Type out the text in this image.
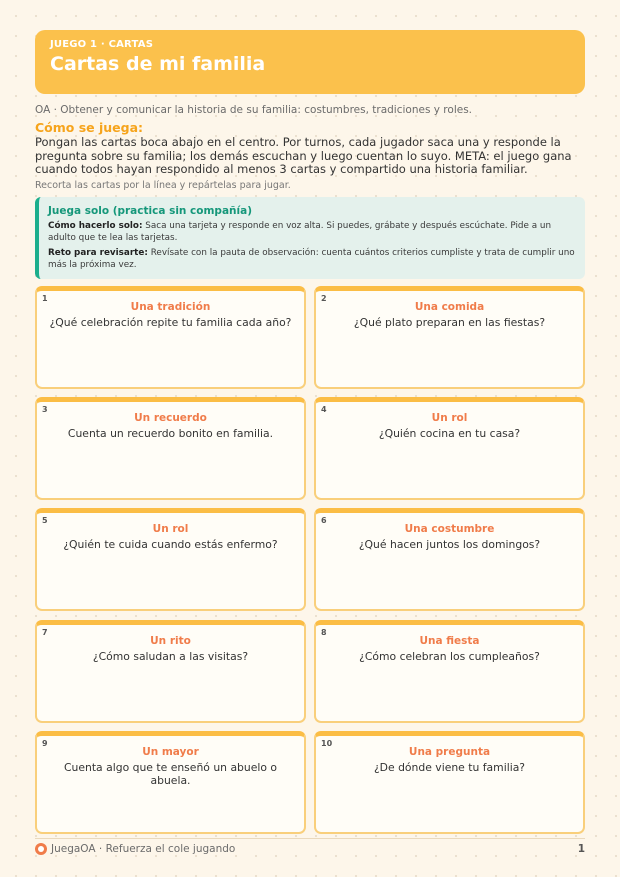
JUEGO 1 · CARTAS
Cartas de mi familia
OA · Obtener y comunicar la historia de su familia: costumbres, tradiciones y roles.
Cómo se juega:
Pongan las cartas boca abajo en el centro. Por turnos, cada jugador saca una y responde la pregunta sobre su familia; los demás escuchan y luego cuentan lo suyo. META: el juego gana cuando todos hayan respondido al menos 3 cartas y compartido una historia familiar.
Recorta las cartas por la línea y repártelas para jugar.
Juega solo (practica sin compañía)
Cómo hacerlo solo: Saca una tarjeta y responde en voz alta. Si puedes, grábate y después escúchate. Pide a un adulto que te lea las tarjetas.
Reto para revisarte: Revísate con la pauta de observación: cuenta cuántos criterios cumpliste y trata de cumplir uno más la próxima vez.
1
Una tradición
¿Qué celebración repite tu familia cada año?
2
Una comida
¿Qué plato preparan en las fiestas?
3
Un recuerdo
Cuenta un recuerdo bonito en familia.
4
Un rol
¿Quién cocina en tu casa?
5
Un rol
¿Quién te cuida cuando estás enfermo?
6
Una costumbre
¿Qué hacen juntos los domingos?
7
Un rito
¿Cómo saludan a las visitas?
8
Una fiesta
¿Cómo celebran los cumpleaños?
9
Un mayor
Cuenta algo que te enseñó un abuelo o abuela.
10
Una pregunta
¿De dónde viene tu familia?
JuegaOA · Refuerza el cole jugando	1
